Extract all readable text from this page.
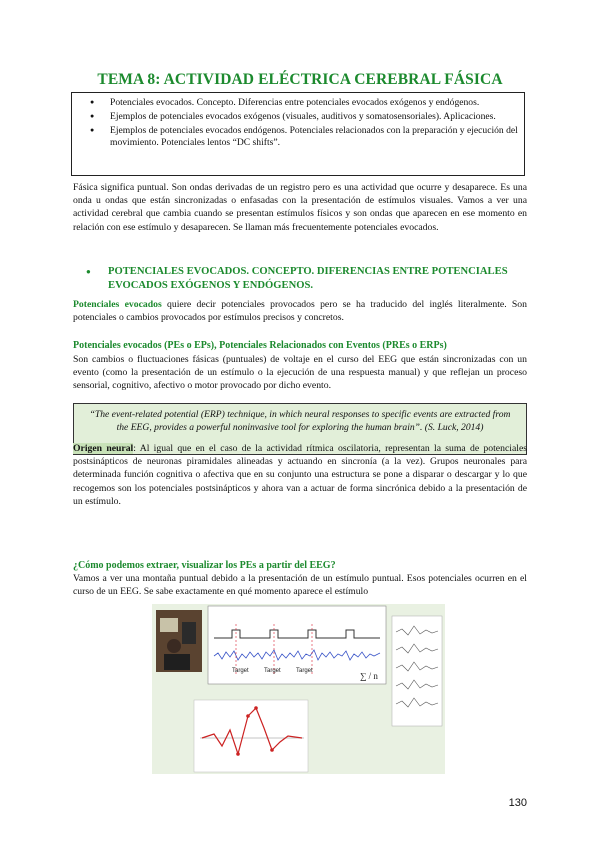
TEMA 8: ACTIVIDAD ELÉCTRICA CEREBRAL FÁSICA
● Potenciales evocados. Concepto. Diferencias entre potenciales evocados exógenos y endógenos.
● Ejemplos de potenciales evocados exógenos (visuales, auditivos y somatosensoriales). Aplicaciones.
● Ejemplos de potenciales evocados endógenos. Potenciales relacionados con la preparación y ejecución del movimiento. Potenciales lentos “DC shifts”.

Fásica significa puntual. Son ondas derivadas de un registro pero es una actividad que ocurre y desaparece. Es una onda u ondas que están sincronizadas o enfasadas con la presentación de estímulos visuales. Vamos a ver una actividad cerebral que cambia cuando se presentan estímulos físicos y son ondas que aparecen en ese momento en relación con ese estímulo y desaparecen. Se llaman más frecuentemente potenciales evocados.

●	POTENCIALES EVOCADOS. CONCEPTO. DIFERENCIAS ENTRE POTENCIALES EVOCADOS EXÓGENOS Y ENDÓGENOS.

Potenciales evocados quiere decir potenciales provocados pero se ha traducido del inglés literalmente. Son potenciales o cambios provocados por estímulos precisos y concretos.

Potenciales evocados (PEs o EPs), Potenciales Relacionados con Eventos (PREs o ERPs)

Son cambios o fluctuaciones fásicas (puntuales) de voltaje en el curso del EEG que están sincronizadas con un evento (como la presentación de un estímulo o la ejecución de una respuesta manual) y que reflejan un proceso sensorial, cognitivo, afectivo o motor provocado por dicho evento.

“The event-related potential (ERP) technique, in which neural responses to specific events are extracted from the EEG, provides a powerful noninvasive tool for exploring the human brain”. (S. Luck, 2014)

Origen neural: Al igual que en el caso de la actividad rítmica oscilatoria, representan la suma de potenciales postsinápticos de neuronas piramidales alineadas y actuando en sincronía (a la vez). Grupos neuronales para determinada función cognitiva o afectiva que en su conjunto una estructura se pone a disparar o descargar y lo que recogemos son los potenciales postsinápticos y ahora van a actuar de forma sincrónica debido a la presentación de un estímulo.

¿Cómo podemos extraer, visualizar los PEs a partir del EEG?

Vamos a ver una montaña puntual debido a la presentación de un estímulo puntual. Esos potenciales ocurren en el curso de un EEG. Se sabe exactamente en qué momento aparece el estímulo

Target	Target	Target	∑ / n
130
